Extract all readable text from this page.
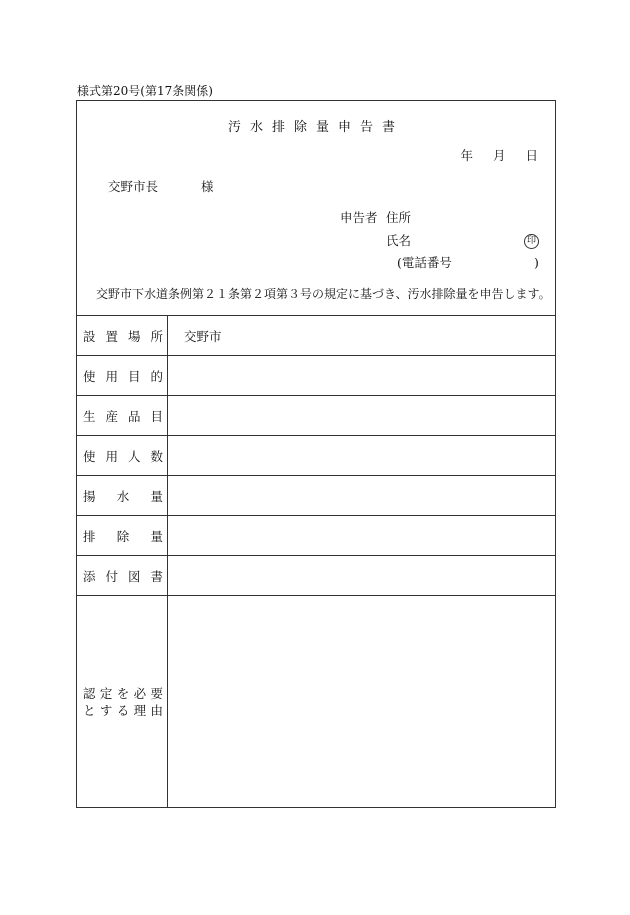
様式第20号(第17条関係)
汚水排除量申告書
年 月 日
交野市長	様
申告者 住所
氏名	印
(電話番号	)
交野市下水道条例第２１条第２項第３号の規定に基づき、汚水排除量を申告します。
設置場所	交野市
使用目的	
生産品目	
使用人数	
揚水量	
排除量	
添付図書	

認定を必要
とする理由	
